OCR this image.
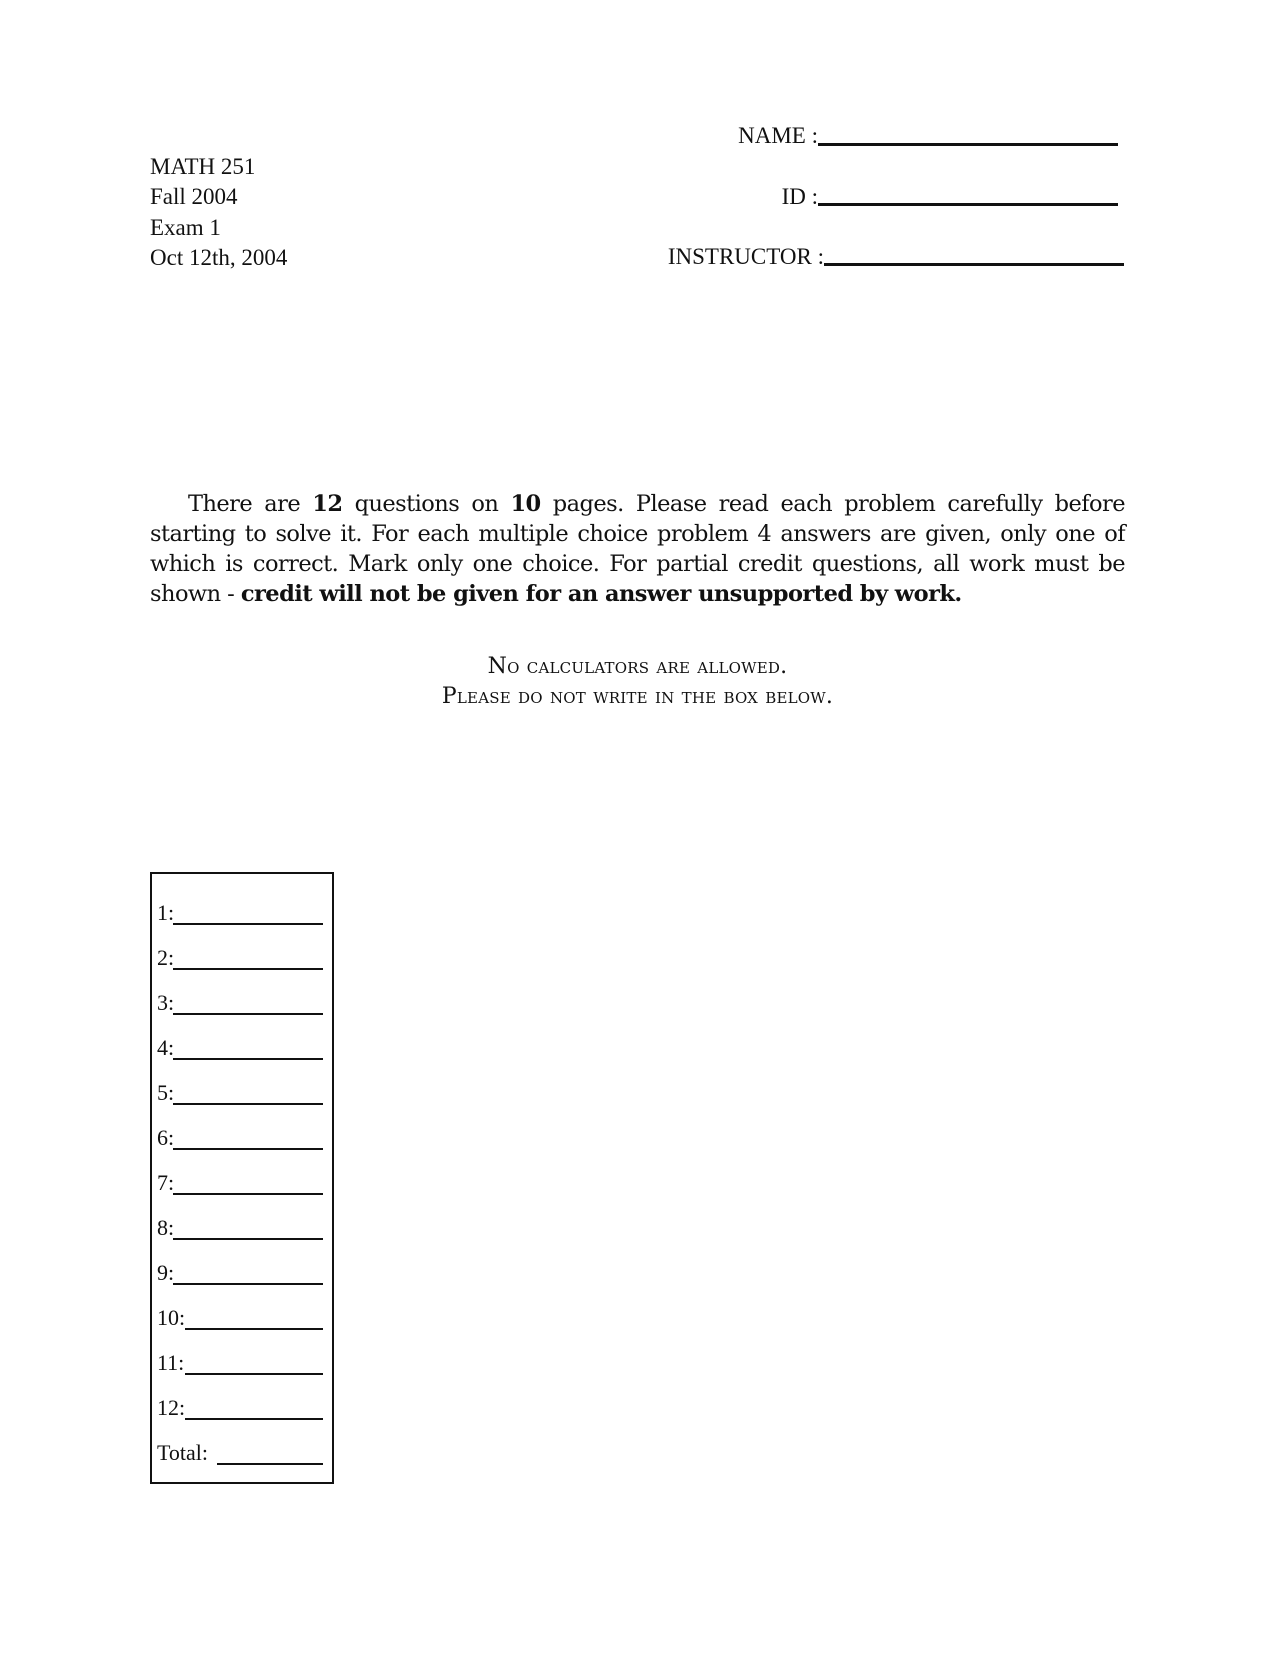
MATH 251
Fall 2004
Exam 1
Oct 12th, 2004
NAME :
ID :
INSTRUCTOR :
There are 12 questions on 10 pages. Please read each problem carefully before starting to solve it. For each multiple choice problem 4 answers are given, only one of which is correct. Mark only one choice. For partial credit questions, all work must be shown - credit will not be given for an answer unsupported by work.
No calculators are allowed.
Please do not write in the box below.
1:
2:
3:
4:
5:
6:
7:
8:
9:
10:
11:
12:
Total:
